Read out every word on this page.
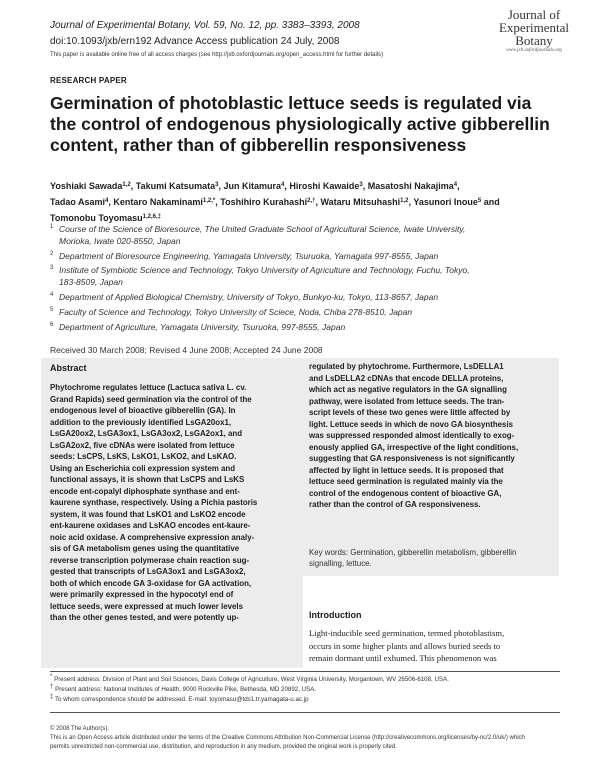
Journal of Experimental Botany, Vol. 59, No. 12, pp. 3383–3393, 2008
doi:10.1093/jxb/ern192 Advance Access publication 24 July, 2008
This paper is available online free of all access charges (see http://jxb.oxfordjournals.org/open_access.html for further details)
Journal of
Experimental
Botany
www.jxb.oxfordjournals.org
RESEARCH PAPER
Germination of photoblastic lettuce seeds is regulated via
the control of endogenous physiologically active gibberellin
content, rather than of gibberellin responsiveness
Yoshiaki Sawada$^{1,2}$, Takumi Katsumata$^3$, Jun Kitamura$^4$, Hiroshi Kawaide$^3$, Masatoshi Nakajima$^4$,
Tadao Asami$^4$, Kentaro Nakaminami$^{1,2,*}$, Toshihiro Kurahashi$^{2,\dagger}$, Wataru Mitsuhashi$^{1,2}$, Yasunori Inoue$^5$ and
Tomonobu Toyomasu$^{1,2,6,\ddagger}$
1 Course of the Science of Bioresource, The United Graduate School of Agricultural Science, Iwate University,
Morioka, Iwate 020-8550, Japan
2 Department of Bioresource Engineering, Yamagata University, Tsuruoka, Yamagata 997-8555, Japan
3 Institute of Symbiotic Science and Technology, Tokyo University of Agriculture and Technology, Fuchu, Tokyo,
183-8509, Japan
4 Department of Applied Biological Chemistry, University of Tokyo, Bunkyo-ku, Tokyo, 113-8657, Japan
5 Faculty of Science and Technology, Tokyo University of Sciece, Noda, Chiba 278-8510, Japan
6 Department of Agriculture, Yamagata University, Tsuruoka, 997-8555, Japan
Received 30 March 2008; Revised 4 June 2008; Accepted 24 June 2008
Abstract
Phytochrome regulates lettuce (Lactuca sativa L. cv.
Grand Rapids) seed germination via the control of the
endogenous level of bioactive gibberellin (GA). In
addition to the previously identified LsGA20ox1,
LsGA20ox2, LsGA3ox1, LsGA3ox2, LsGA2ox1, and
LsGA2ox2, five cDNAs were isolated from lettuce
seeds: LsCPS, LsKS, LsKO1, LsKO2, and LsKAO.
Using an Escherichia coli expression system and
functional assays, it is shown that LsCPS and LsKS
encode ent-copalyl diphosphate synthase and ent-
kaurene synthase, respectively. Using a Pichia pastoris
system, it was found that LsKO1 and LsKO2 encode
ent-kaurene oxidases and LsKAO encodes ent-kaure-
noic acid oxidase. A comprehensive expression analy-
sis of GA metabolism genes using the quantitative
reverse transcription polymerase chain reaction sug-
gested that transcripts of LsGA3ox1 and LsGA3ox2,
both of which encode GA 3-oxidase for GA activation,
were primarily expressed in the hypocotyl end of
lettuce seeds, were expressed at much lower levels
than the other genes tested, and were potently up-
regulated by phytochrome. Furthermore, LsDELLA1
and LsDELLA2 cDNAs that encode DELLA proteins,
which act as negative regulators in the GA signalling
pathway, were isolated from lettuce seeds. The tran-
script levels of these two genes were little affected by
light. Lettuce seeds in which de novo GA biosynthesis
was suppressed responded almost identically to exog-
enously applied GA, irrespective of the light conditions,
suggesting that GA responsiveness is not significantly
affected by light in lettuce seeds. It is proposed that
lettuce seed germination is regulated mainly via the
control of the endogenous content of bioactive GA,
rather than the control of GA responsiveness.
Key words: Germination, gibberellin metabolism, gibberellin
signalling, lettuce.
Introduction
Light-inducible seed germination, termed photoblastism,
occurs in some higher plants and allows buried seeds to
remain dormant until exhumed. This phenomenon was
* Present address: Division of Plant and Soil Sciences, Davis College of Agriculture, West Virginia University, Morgantown, WV 26506-6108, USA.
† Present address: National Institutes of Health, 9000 Rockville Pike, Bethesda, MD 20892, USA.
‡ To whom correspondence should be addressed. E-mail: toyomasu@tds1.tr.yamagata-u.ac.jp
© 2008 The Author(s).
This is an Open Access article distributed under the terms of the Creative Commons Attribution Non-Commercial License (http://creativecommons.org/licenses/by-nc/2.0/uk/) which
permits unrestricted non-commercial use, distribution, and reproduction in any medium, provided the original work is properly cited.
